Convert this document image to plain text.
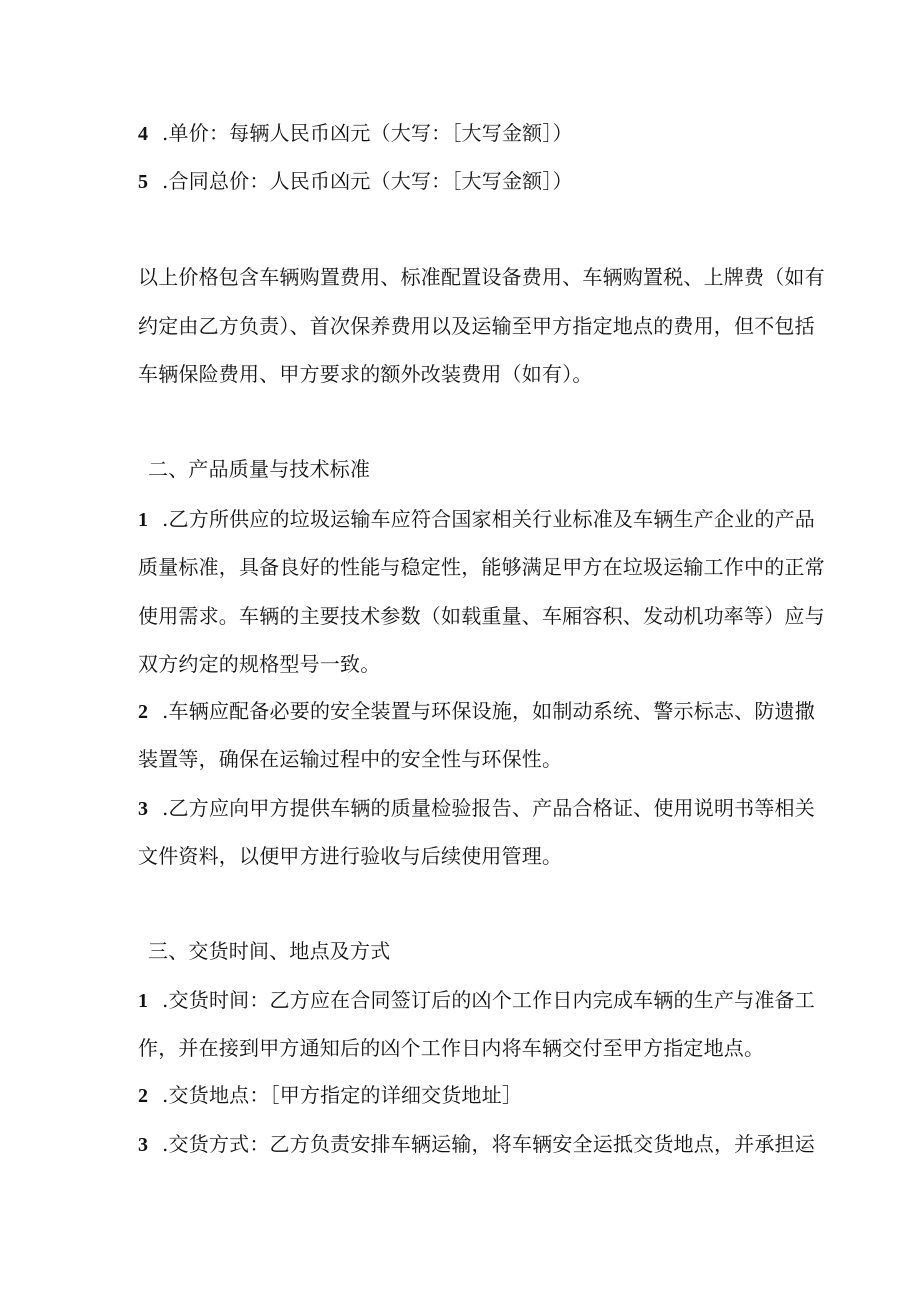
4 .单价：每辆人民币凶元（大写：［大写金额］）
5 .合同总价：人民币凶元（大写：［大写金额］）
以上价格包含车辆购置费用、标准配置设备费用、车辆购置税、上牌费（如有
约定由乙方负责）、首次保养费用以及运输至甲方指定地点的费用，但不包括
车辆保险费用、甲方要求的额外改装费用（如有）。
二、产品质量与技术标准
1 .乙方所供应的垃圾运输车应符合国家相关行业标准及车辆生产企业的产品
质量标准，具备良好的性能与稳定性，能够满足甲方在垃圾运输工作中的正常
使用需求。车辆的主要技术参数（如载重量、车厢容积、发动机功率等）应与
双方约定的规格型号一致。
2 .车辆应配备必要的安全装置与环保设施，如制动系统、警示标志、防遗撒
装置等，确保在运输过程中的安全性与环保性。
3 .乙方应向甲方提供车辆的质量检验报告、产品合格证、使用说明书等相关
文件资料，以便甲方进行验收与后续使用管理。
三、交货时间、地点及方式
1 .交货时间：乙方应在合同签订后的凶个工作日内完成车辆的生产与准备工
作，并在接到甲方通知后的凶个工作日内将车辆交付至甲方指定地点。
2 .交货地点：［甲方指定的详细交货地址］
3 .交货方式：乙方负责安排车辆运输，将车辆安全运抵交货地点，并承担运
